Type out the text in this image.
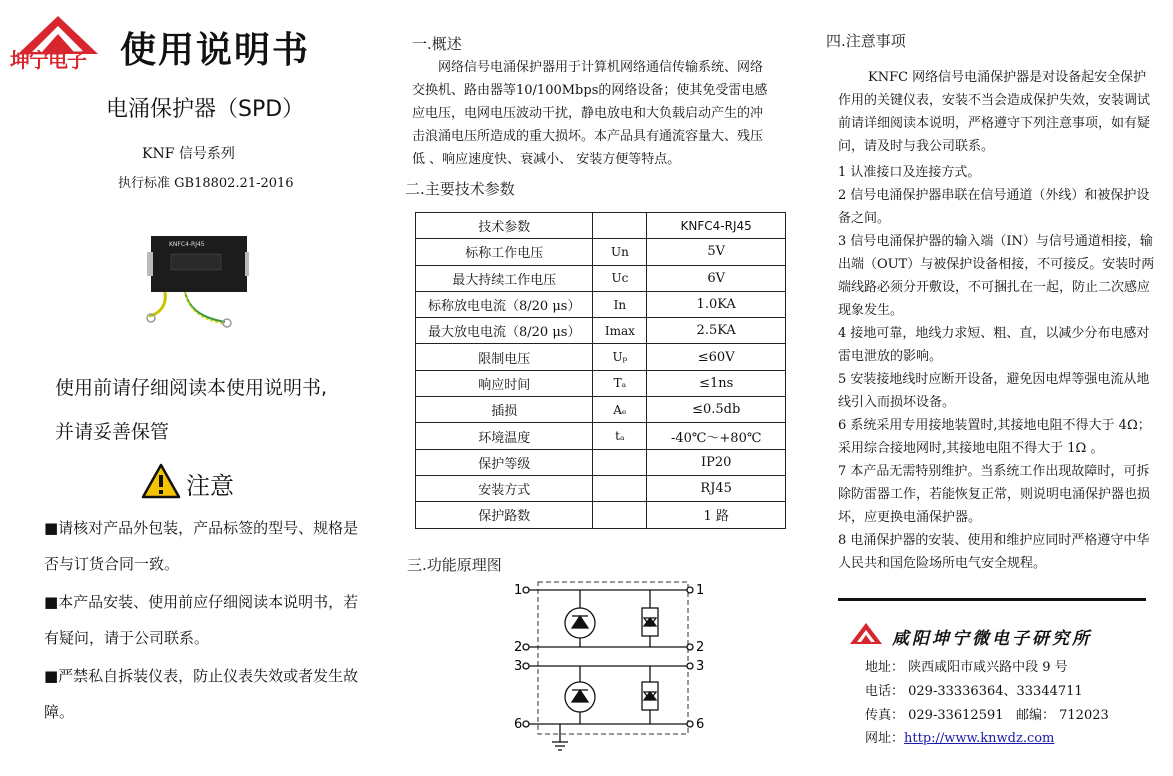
坤宁电子 使用说明书
电涌保护器（SPD）
KNF 信号系列
执行标准 GB18802.21-2016
KNFC4-RJ45
使用前请仔细阅读本使用说明书,
并请妥善保管
注意
■请核对产品外包装，产品标签的型号、规格是否与订货合同一致。
■本产品安装、使用前应仔细阅读本说明书，若有疑问，请于公司联系。
■严禁私自拆装仪表，防止仪表失效或者发生故障。
一.概述
网络信号电涌保护器用于计算机网络通信传输系统、网络交换机、路由器等10/100Mbps的网络设备；使其免受雷电感应电压，电网电压波动干扰，静电放电和大负载启动产生的冲击浪涌电压所造成的重大损坏。本产品具有通流容量大、残压低 、响应速度快、衰减小、 安装方便等特点。
二.主要技术参数
技术参数		KNFC4-RJ45
标称工作电压	Un	5V
最大持续工作电压	Uc	6V
标称放电电流（8/20 μs）	In	1.0KA
最大放电电流（8/20 μs）	Imax	2.5KA
限制电压	Uₚ	≤60V
响应时间	Tₐ	≤1ns
插损	Aₑ	≤0.5db
环境温度	tₐ	-40℃～+80℃
保护等级		IP20
安装方式		RJ45
保护路数		1 路
三.功能原理图
1
2
3
6
1
2
3
6
四.注意事项
KNFC 网络信号电涌保护器是对设备起安全保护作用的关键仪表，安装不当会造成保护失效，安装调试前请详细阅读本说明，严格遵守下列注意事项，如有疑问，请及时与我公司联系。
1 认准接口及连接方式。
2 信号电涌保护器串联在信号通道（外线）和被保护设备之间。
3 信号电涌保护器的输入端（IN）与信号通道相接，输出端（OUT）与被保护设备相接，不可接反。安装时两端线路必须分开敷设，不可捆扎在一起，防止二次感应现象发生。
4 接地可靠，地线力求短、粗、直，以减少分布电感对雷电泄放的影响。
5 安装接地线时应断开设备，避免因电焊等强电流从地线引入而损坏设备。
6 系统采用专用接地装置时,其接地电阻不得大于 4Ω；采用综合接地网时,其接地电阻不得大于 1Ω 。
7 本产品无需特别维护。当系统工作出现故障时，可拆除防雷器工作，若能恢复正常，则说明电涌保护器也损坏，应更换电涌保护器。
8 电涌保护器的安装、使用和维护应同时严格遵守中华人民共和国危险场所电气安全规程。
咸阳坤宁微电子研究所
地址： 陕西咸阳市咸兴路中段 9 号
电话： 029-33336364、33344711
传真： 029-33612591 邮编： 712023
网址：http://www.knwdz.com
